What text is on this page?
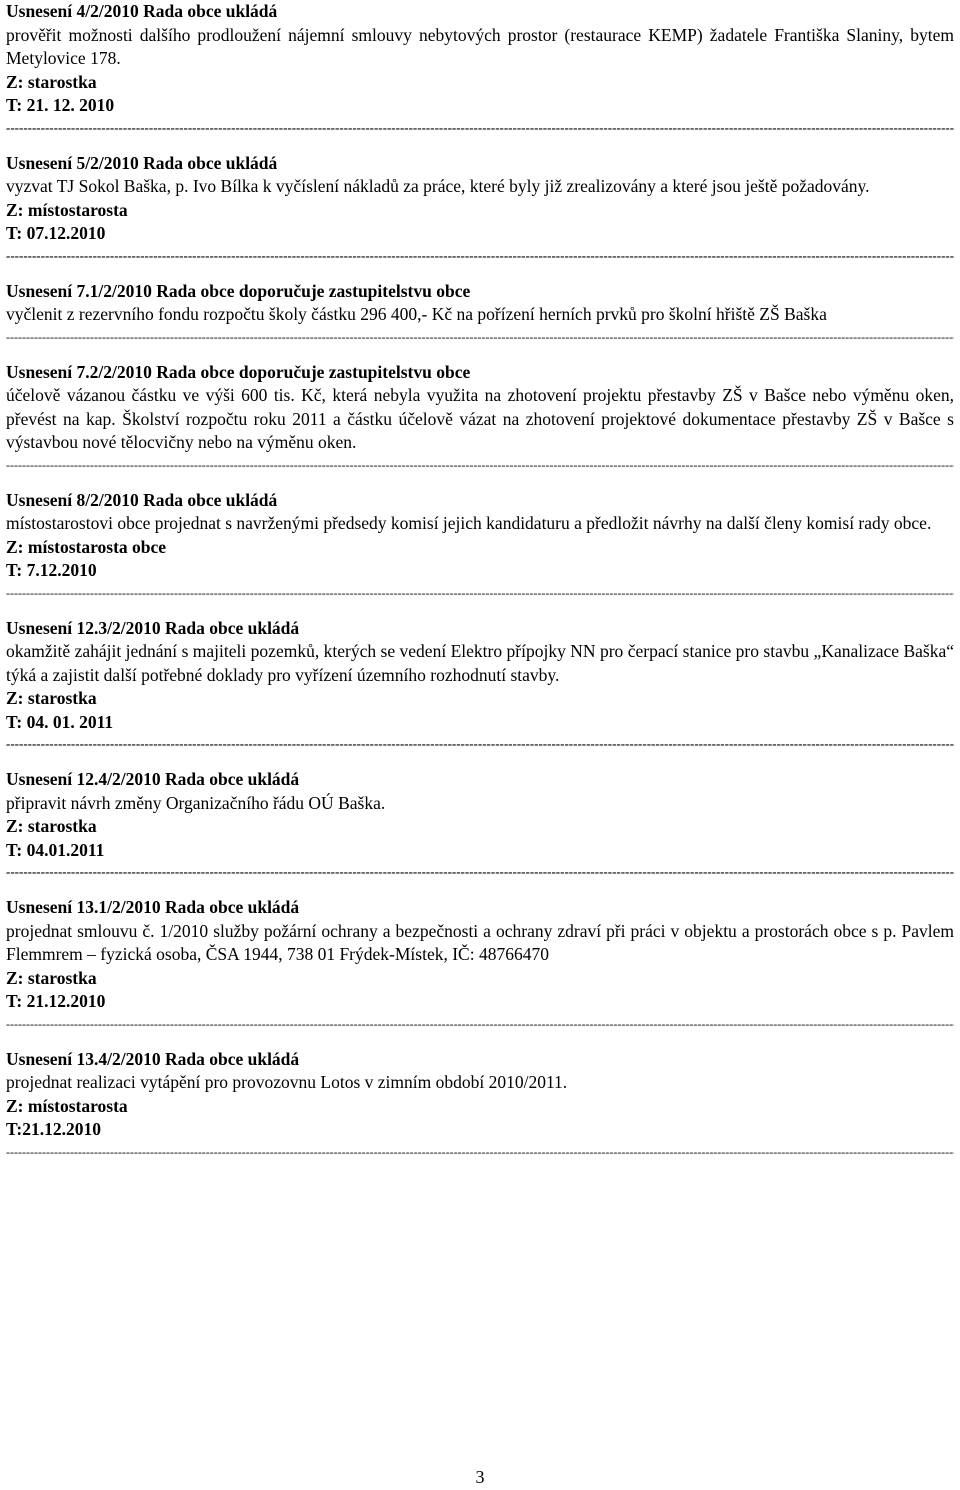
Usnesení 4/2/2010 Rada obce ukládá
prověřit možnosti dalšího prodloužení nájemní smlouvy nebytových prostor (restaurace KEMP) žadatele Františka Slaniny, bytem Metylovice 178.
Z: starostka
T: 21. 12. 2010
-----
Usnesení 5/2/2010 Rada obce ukládá
vyzvat TJ Sokol Baška, p. Ivo Bílka k vyčíslení nákladů za práce, které byly již zrealizovány a které jsou ještě požadovány.
Z: místostarosta
T: 07.12.2010
-----
Usnesení 7.1/2/2010 Rada obce doporučuje zastupitelstvu obce
vyčlenit z rezervního fondu rozpočtu školy částku 296 400,- Kč na pořízení herních prvků pro školní hřiště ZŠ Baška
-----
Usnesení 7.2/2/2010 Rada obce doporučuje zastupitelstvu obce
účelově vázanou částku ve výši 600 tis. Kč, která nebyla využita na zhotovení projektu přestavby ZŠ v Bašce nebo výměnu oken, převést na kap. Školství rozpočtu roku 2011 a částku účelově vázat na zhotovení projektové dokumentace přestavby ZŠ v Bašce s výstavbou nové tělocvičny nebo na výměnu oken.
-----
Usnesení 8/2/2010 Rada obce ukládá
místostarostovi obce projednat s navrženými předsedy komisí jejich kandidaturu a předložit návrhy na další členy komisí rady obce.
Z: místostarosta obce
T: 7.12.2010
-----
Usnesení 12.3/2/2010 Rada obce ukládá
okamžitě zahájit jednání s majiteli pozemků, kterých se vedení Elektro přípojky NN pro čerpací stanice pro stavbu „Kanalizace Baška“ týká a zajistit další potřebné doklady pro vyřízení územního rozhodnutí stavby.
Z: starostka
T: 04. 01. 2011
-----
Usnesení 12.4/2/2010 Rada obce ukládá
připravit návrh změny Organizačního řádu OÚ Baška.
Z: starostka
T: 04.01.2011
-----
Usnesení 13.1/2/2010 Rada obce ukládá
projednat smlouvu č. 1/2010 služby požární ochrany a bezpečnosti a ochrany zdraví při práci v objektu a prostorách obce s p. Pavlem Flemmrem – fyzická osoba, ČSA 1944, 738 01 Frýdek-Místek, IČ: 48766470
Z: starostka
T: 21.12.2010
-----
Usnesení 13.4/2/2010 Rada obce ukládá
projednat realizaci vytápění pro provozovnu Lotos v zimním období 2010/2011.
Z: místostarosta
T:21.12.2010
-----
3
